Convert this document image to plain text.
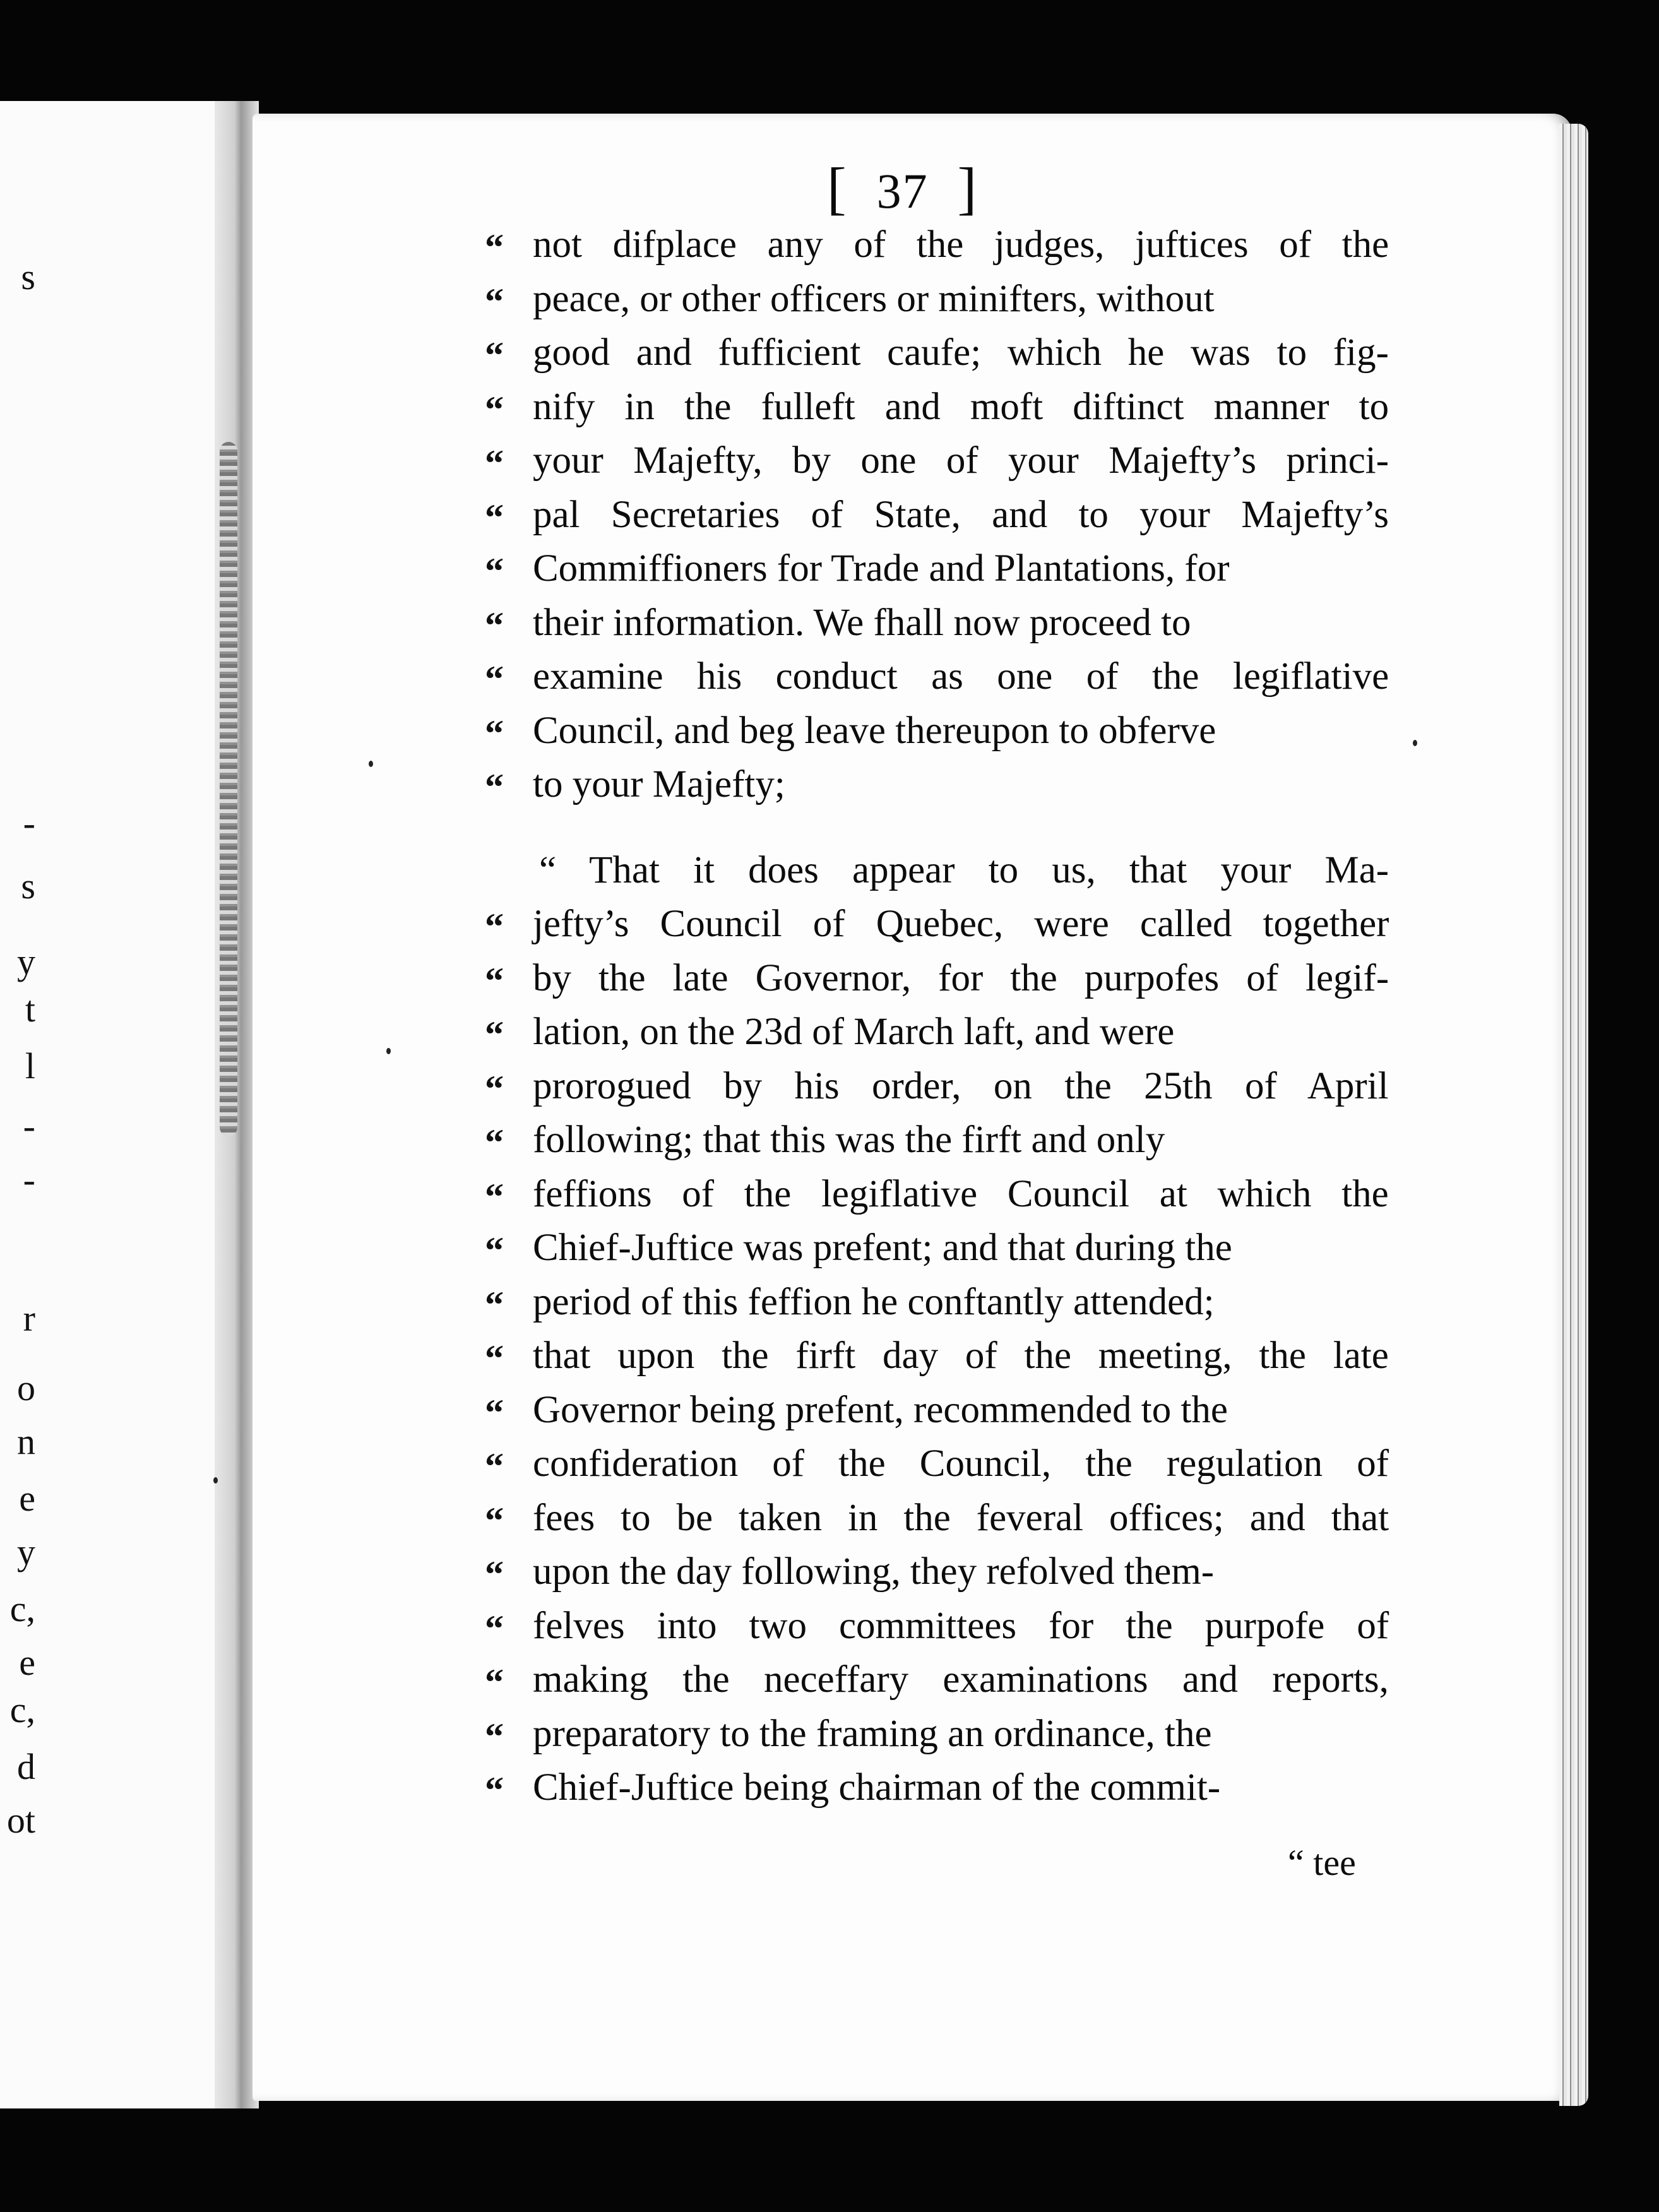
s
-
s
y
t
l
-
-
r
o
n
e
y
c,
e
c,
d
ot
[ 37 ]
“ not difplace any of the judges, juftices of the
“ peace, or other officers or minifters, without
“ good and fufficient caufe; which he was to fig-
“ nify in the fulleft and moft diftinct manner to
“ your Majefty, by one of your Majefty’s princi-
“ pal Secretaries of State, and to your Majefty’s
“ Commiffioners for Trade and Plantations, for
“ their information. We fhall now proceed to
“ examine his conduct as one of the legiflative
“ Council, and beg leave thereupon to obferve
“ to your Majefty;
“ That it does appear to us, that your Ma-
“ jefty’s Council of Quebec, were called together
“ by the late Governor, for the purpofes of legif-
“ lation, on the 23d of March laft, and were
“ prorogued by his order, on the 25th of April
“ following; that this was the firft and only
“ feffions of the legiflative Council at which the
“ Chief-Juftice was prefent; and that during the
“ period of this feffion he conftantly attended;
“ that upon the firft day of the meeting, the late
“ Governor being prefent, recommended to the
“ confideration of the Council, the regulation of
“ fees to be taken in the feveral offices; and that
“ upon the day following, they refolved them-
“ felves into two committees for the purpofe of
“ making the neceffary examinations and reports,
“ preparatory to the framing an ordinance, the
“ Chief-Juftice being chairman of the commit-
“ tee
